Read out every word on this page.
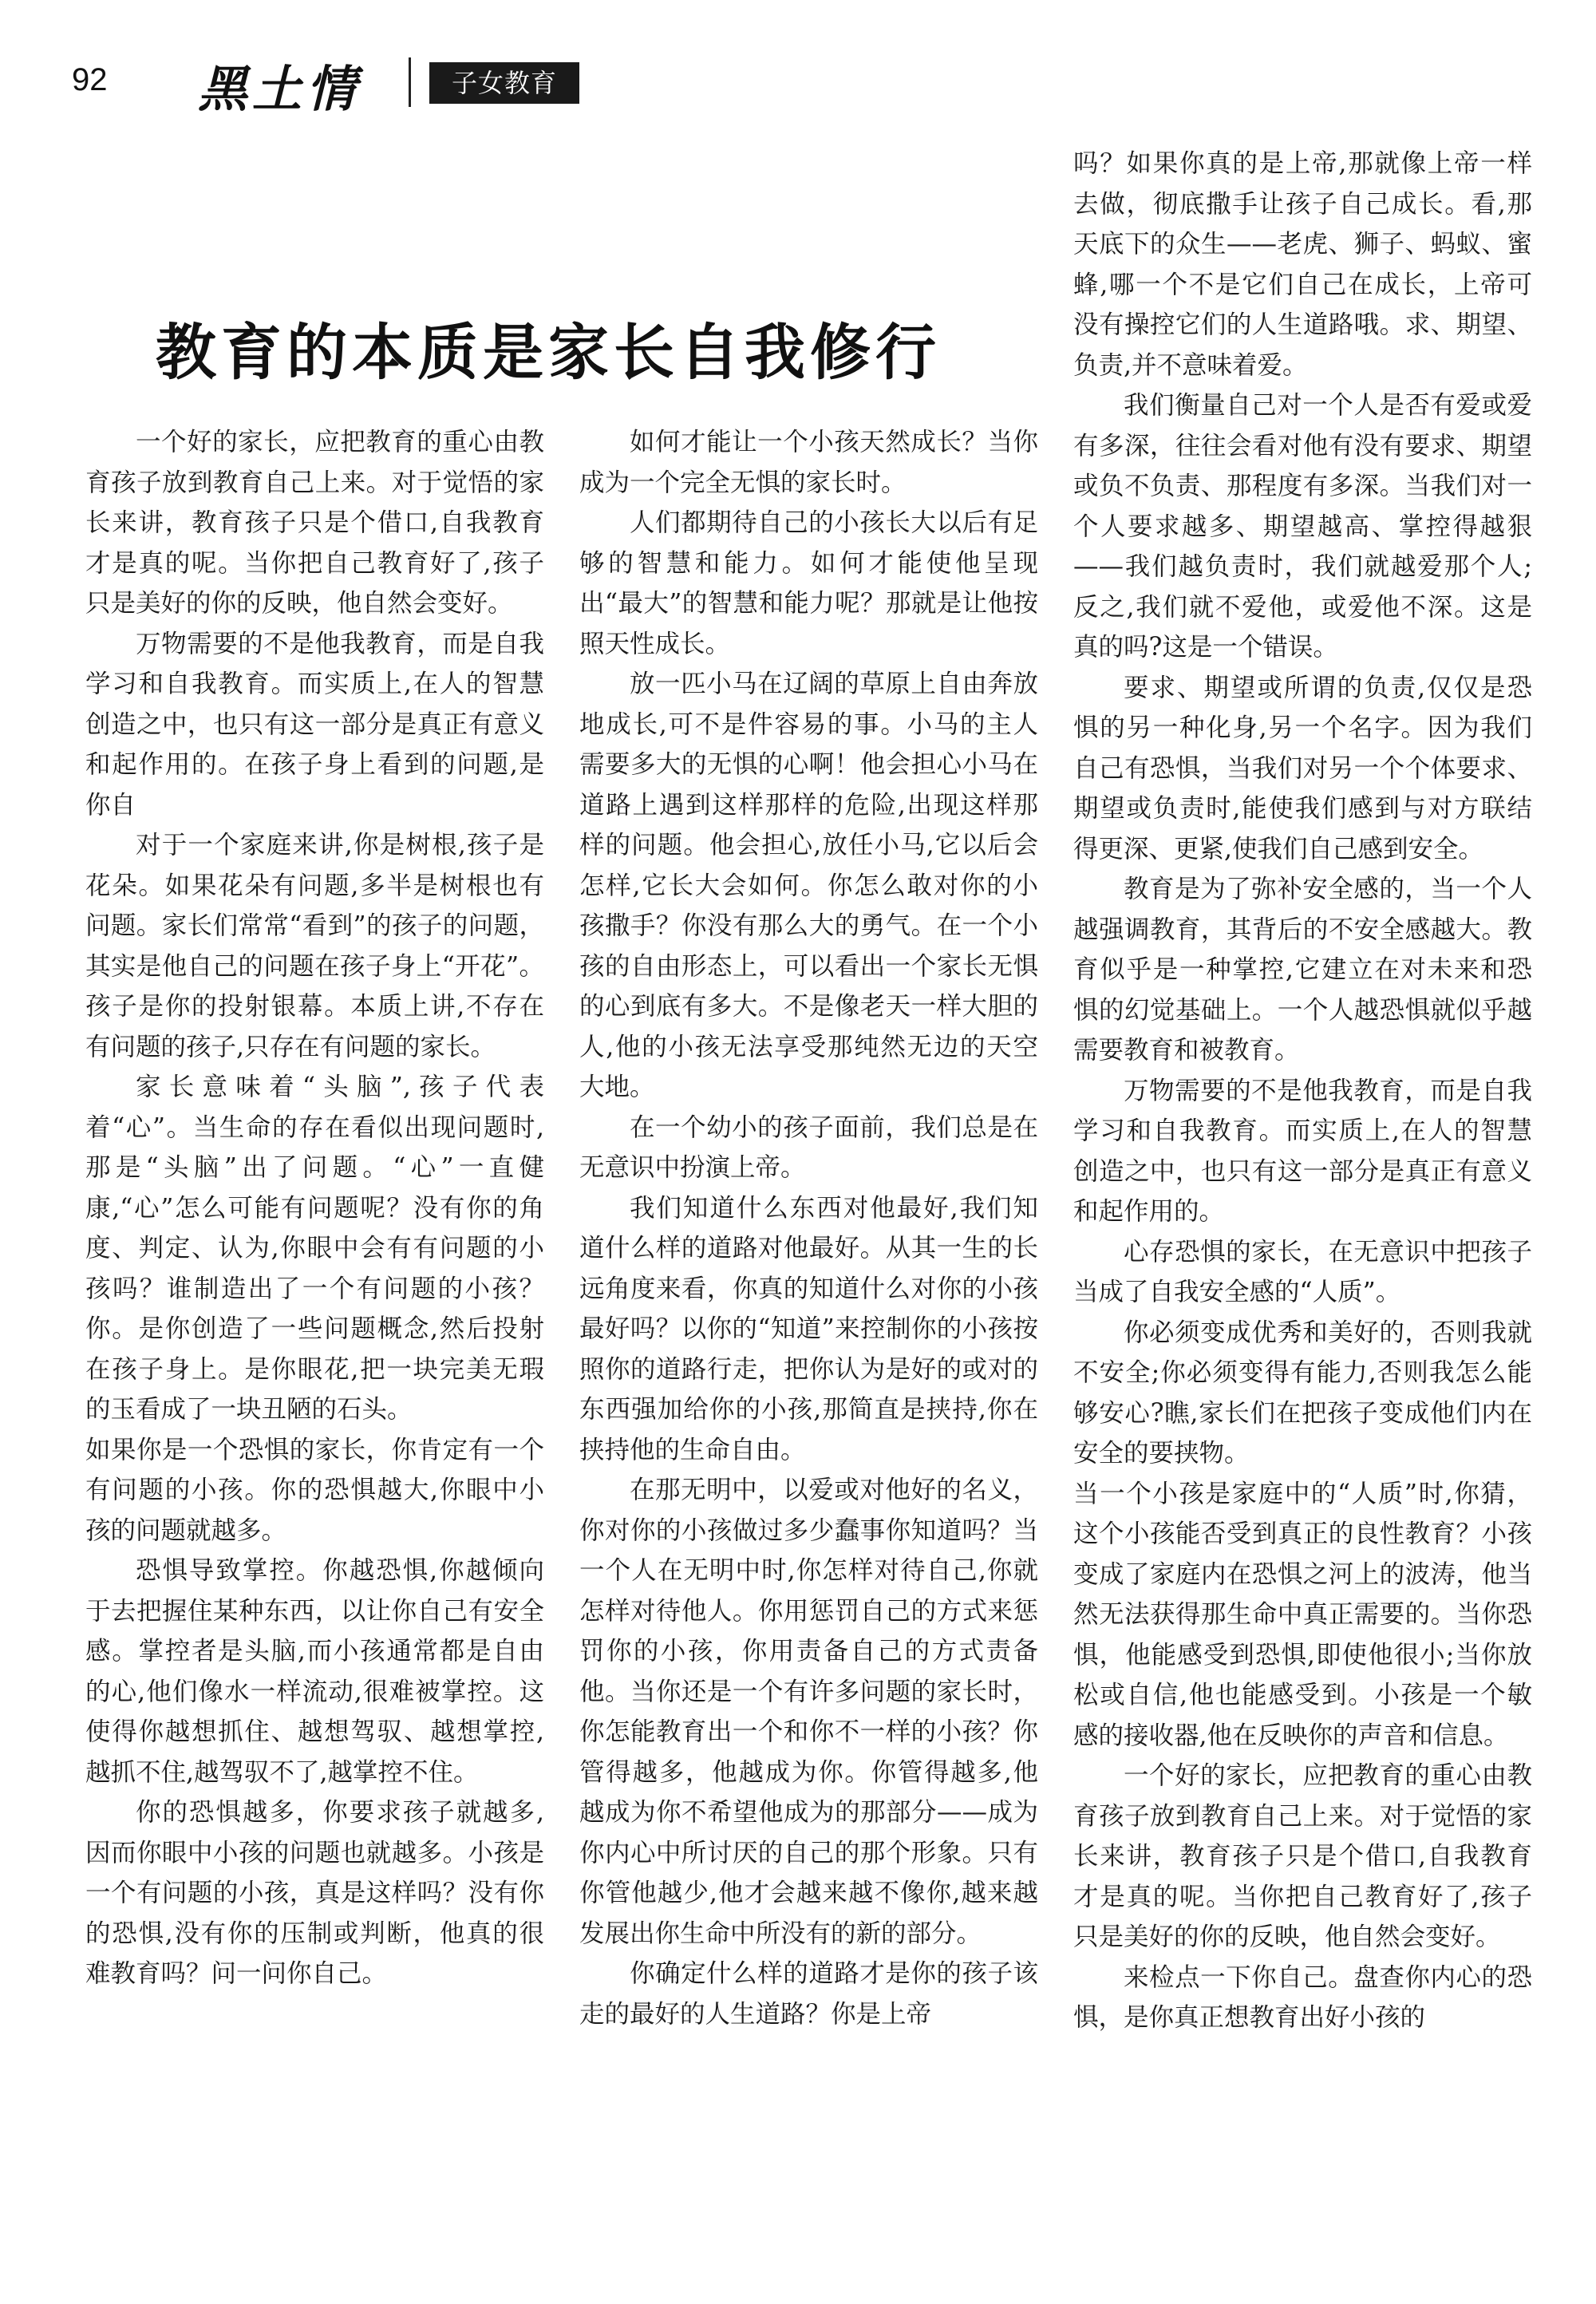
92 黑土情	子女教育
教育的本质是家长自我修行

一个好的家长，应把教育的重心由教育孩子放到教育自己上来。对于觉悟的家长来讲，教育孩子只是个借口,自我教育才是真的呢。当你把自己教育好了,孩子只是美好的你的反映，他自然会变好。

万物需要的不是他我教育，而是自我学习和自我教育。而实质上,在人的智慧创造之中，也只有这一部分是真正有意义和起作用的。在孩子身上看到的问题,是你自

对于一个家庭来讲,你是树根,孩子是花朵。如果花朵有问题,多半是树根也有问题。家长们常常“看到”的孩子的问题，其实是他自己的问题在孩子身上“开花”。孩子是你的投射银幕。本质上讲,不存在有问题的孩子,只存在有问题的家长。

家长意味着“头脑”,孩子代表着“心”。当生命的存在看似出现问题时,那是“头脑”出了问题。“心”一直健康,“心”怎么可能有问题呢？没有你的角度、判定、认为,你眼中会有有问题的小孩吗？谁制造出了一个有问题的小孩？你。是你创造了一些问题概念,然后投射在孩子身上。是你眼花,把一块完美无瑕的玉看成了一块丑陋的石头。

如果你是一个恐惧的家长，你肯定有一个有问题的小孩。你的恐惧越大,你眼中小孩的问题就越多。

恐惧导致掌控。你越恐惧,你越倾向于去把握住某种东西，以让你自己有安全感。掌控者是头脑,而小孩通常都是自由的心,他们像水一样流动,很难被掌控。这使得你越想抓住、越想驾驭、越想掌控,越抓不住,越驾驭不了,越掌控不住。

你的恐惧越多，你要求孩子就越多,因而你眼中小孩的问题也就越多。小孩是一个有问题的小孩，真是这样吗？没有你的恐惧,没有你的压制或判断，他真的很难教育吗？问一问你自己。

如何才能让一个小孩天然成长？当你成为一个完全无惧的家长时。

人们都期待自己的小孩长大以后有足够的智慧和能力。如何才能使他呈现出“最大”的智慧和能力呢？那就是让他按照天性成长。

放一匹小马在辽阔的草原上自由奔放地成长,可不是件容易的事。小马的主人需要多大的无惧的心啊！他会担心小马在道路上遇到这样那样的危险,出现这样那样的问题。他会担心,放任小马,它以后会怎样,它长大会如何。你怎么敢对你的小孩撒手？你没有那么大的勇气。在一个小孩的自由形态上，可以看出一个家长无惧的心到底有多大。不是像老天一样大胆的人,他的小孩无法享受那纯然无边的天空大地。

在一个幼小的孩子面前，我们总是在无意识中扮演上帝。

我们知道什么东西对他最好,我们知道什么样的道路对他最好。从其一生的长远角度来看，你真的知道什么对你的小孩最好吗？以你的“知道”来控制你的小孩按照你的道路行走，把你认为是好的或对的东西强加给你的小孩,那简直是挟持,你在挟持他的生命自由。

在那无明中，以爱或对他好的名义，你对你的小孩做过多少蠢事你知道吗？当一个人在无明中时,你怎样对待自己,你就怎样对待他人。你用惩罚自己的方式来惩罚你的小孩，你用责备自己的方式责备他。当你还是一个有许多问题的家长时，你怎能教育出一个和你不一样的小孩？你管得越多，他越成为你。你管得越多,他越成为你不希望他成为的那部分——成为你内心中所讨厌的自己的那个形象。只有你管他越少,他才会越来越不像你,越来越发展出你生命中所没有的新的部分。

你确定什么样的道路才是你的孩子该走的最好的人生道路？你是上帝

吗？如果你真的是上帝,那就像上帝一样去做，彻底撒手让孩子自己成长。看,那天底下的众生——老虎、狮子、蚂蚁、蜜蜂,哪一个不是它们自己在成长，上帝可没有操控它们的人生道路哦。求、期望、负责,并不意味着爱。

我们衡量自己对一个人是否有爱或爱有多深，往往会看对他有没有要求、期望或负不负责、那程度有多深。当我们对一个人要求越多、期望越高、掌控得越狠——我们越负责时，我们就越爱那个人;反之,我们就不爱他，或爱他不深。这是真的吗?这是一个错误。

要求、期望或所谓的负责,仅仅是恐惧的另一种化身,另一个名字。因为我们自己有恐惧，当我们对另一个个体要求、期望或负责时,能使我们感到与对方联结得更深、更紧,使我们自己感到安全。

教育是为了弥补安全感的，当一个人越强调教育，其背后的不安全感越大。教育似乎是一种掌控,它建立在对未来和恐惧的幻觉基础上。一个人越恐惧就似乎越需要教育和被教育。

万物需要的不是他我教育，而是自我学习和自我教育。而实质上,在人的智慧创造之中，也只有这一部分是真正有意义和起作用的。

心存恐惧的家长，在无意识中把孩子当成了自我安全感的“人质”。

你必须变成优秀和美好的，否则我就不安全;你必须变得有能力,否则我怎么能够安心?瞧,家长们在把孩子变成他们内在安全的要挟物。

当一个小孩是家庭中的“人质”时,你猜，这个小孩能否受到真正的良性教育？小孩变成了家庭内在恐惧之河上的波涛，他当然无法获得那生命中真正需要的。当你恐惧，他能感受到恐惧,即使他很小;当你放松或自信,他也能感受到。小孩是一个敏感的接收器,他在反映你的声音和信息。

一个好的家长，应把教育的重心由教育孩子放到教育自己上来。对于觉悟的家长来讲，教育孩子只是个借口,自我教育才是真的呢。当你把自己教育好了,孩子只是美好的你的反映，他自然会变好。

来检点一下你自己。盘查你内心的恐惧，是你真正想教育出好小孩的
